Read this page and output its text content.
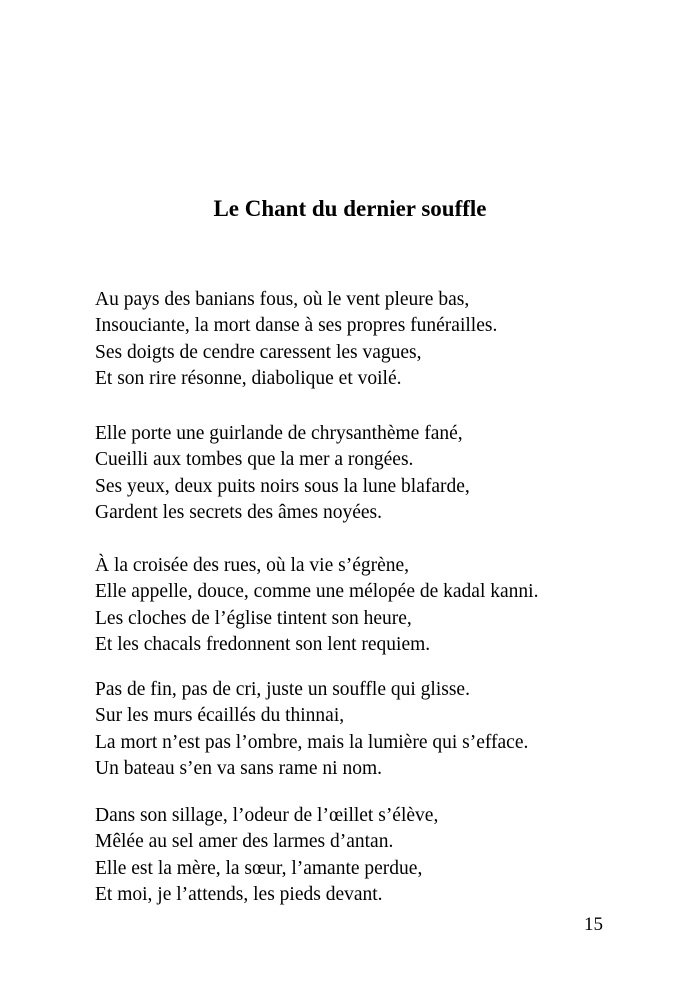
Le Chant du dernier souffle
Au pays des banians fous, où le vent pleure bas,
Insouciante, la mort danse à ses propres funérailles.
Ses doigts de cendre caressent les vagues,
Et son rire résonne, diabolique et voilé.
Elle porte une guirlande de chrysanthème fané,
Cueilli aux tombes que la mer a rongées.
Ses yeux, deux puits noirs sous la lune blafarde,
Gardent les secrets des âmes noyées.
À la croisée des rues, où la vie s’égrène,
Elle appelle, douce, comme une mélopée de kadal kanni.
Les cloches de l’église tintent son heure,
Et les chacals fredonnent son lent requiem.
Pas de fin, pas de cri, juste un souffle qui glisse.
Sur les murs écaillés du thinnai,
La mort n’est pas l’ombre, mais la lumière qui s’efface.
Un bateau s’en va sans rame ni nom.
Dans son sillage, l’odeur de l’œillet s’élève,
Mêlée au sel amer des larmes d’antan.
Elle est la mère, la sœur, l’amante perdue,
Et moi, je l’attends, les pieds devant.
15
